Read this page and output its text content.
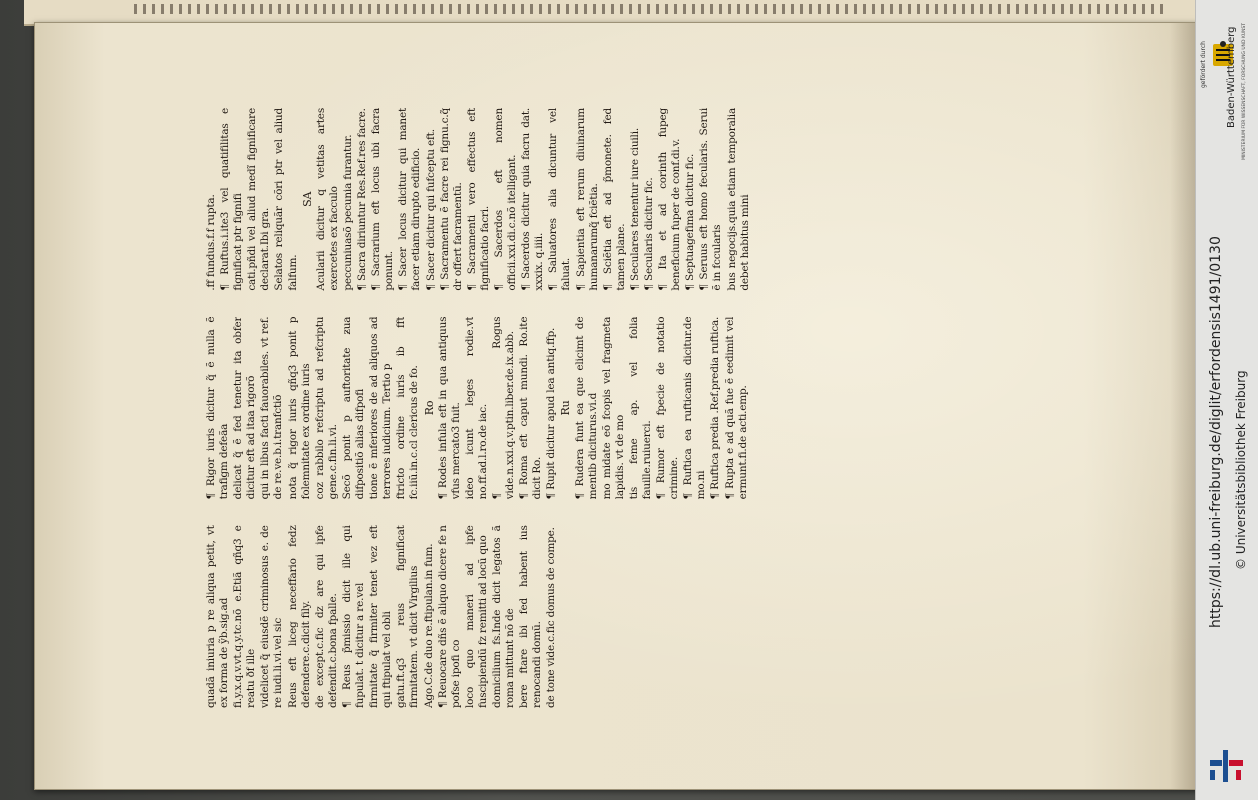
quadã iniuria p re aliqua petit, vt ex forma de ỹb.sig.ad fi.y.x.q.v.vt.q.y.tc.nõ e.Etiã qñq3 e reatu ðf ille videlicet q̃ eiusdẽ criminosus e. de re iudi.li.vi.vel sic Reus eft liceg neceffario fedz defendere.c.dicit fily. de except.c.fic dz are qui ipfe defendit.c.bona fpalle. ¶ Reus p̃missio dicit ille qui fupulat. t dicitur a re.vel firmitate q̃ firmiter tenet vez eft qui ftipulat vel obli gatu.ft.q3 reus fignificat firmitatem. vt dicit Virgilius Ago.C.de duo re.ftipulan.in fum. ¶ Reuocare dñs ẽ aliquo dicere fe n pofse ipofi co loco quo maneri ad ipfe fuscipiendũ fz remitti ad locũ quo domicilium fs.Inde dicit legatos ã roma mittunt nõ de bere ftare ibi fed habent ius renocandi domũ. de tone vide.c.fic domus de compe.

¶ Rigor iuris dicitur q̃ ẽ nulla ẽ trafigm defeãa delicat q̃ ẽ fed tenetur ita obfer dicitur eft ad itaa rigorõ qui in libus facti fauorabiles. vt ref. de re.ve.b.i.tranfctiõ nota q̃ rigor iuris qñq3 ponit p folemnitate ex ordine iuris coz rabbilo refcriptu ad refcriptu gene.c.fin.li.vi. Secõ ponit p auftoritate ƶua difpositiõ alias difpofi tione ẽ mferiores de ad aliquos ad terrores iudicium. Tertio p ftricto ordine iuris ib fft fc.iiũ.in.c.cl clericus de fo. Ro ¶ Rodes infula eft in qua antiquus vfus mercato3 fuit. ideo icunt leges rodie.vt no.ff.ad.l.ro.de iac. ¶ Rogus vide.n.xxi.q.v.ptin.liber.de.ix.abb. ¶ Roma eft caput mundi. Ro.ite dicit Ro. ¶ Rupit dicitur apud lea antiq.ffp. Ru ¶ Rudera funt ea que elicimt de mentib diciturus.vi.d mo midate eõ fcopis vel fragmeta lapidis. vt de mo tis feme ap. vel folia fauille.ruiuerci. ¶ Rumor eft fpecie de notatio crimine. ¶ Ruftica ea rufticanis dicitur.de mo.ni ¶ Ruftica predia .Ref.predia ruftica. ¶ Rupta e ad quã fue ẽ eedimit vel ermunt.fi.de acti.emp.

.ff fundus.f.f rupta. ¶ Ruftus.i.ite3 vel quatifilitas e fignificat ptr fignifi cati.pñdi vel aliud medĩ fignificare declarat.Ibi gra. Selatos reliquãr cõri ptr vel aliud falfum.

SA Acularii dicitur q vetitas artes exercetes ex facculo peccuniuasõ pecunia furantur. ¶ Sacra diriuntur Res.Ref.res facre. ¶ Sacrarium eft locus ubi facra ponunt. ¶ Sacer locus dicitur qui manet facer etiam dirupto edificio. ¶ Sacer dicitur qui fufceptu eft. ¶ Sacramentu ẽ facre rei fignu.c.q̃ dr offert facramentũ. ¶ Sacramenti vero effectus eft fignificatio facri. ¶ Sacerdos eft nomen officii.xxi.di.c.nõ itelligant. ¶ Sacerdos dicitur quia facru dat. xxxix. q.iiii. ¶ Saluatores alia dicuntur vel faluat. ¶ Sapientia eft rerum diuinarum humanarumq̃ fciẽtia. ¶ Sciẽtia eft ad p̃monete. fed tamen plane. ¶ Seculares tenentur iure ciuili. ¶ Secularis dicitur fic. ¶ Ita et ad corinth fupeg beneficium fuper de conf.di.v. ¶ Septuagefima dicitur fic. ¶ Seruus eft homo fecularis. Serui ẽ in fccularis bus negocijs.quia etiam temporalia debet habitus mini

gefördert durch Baden-Württemberg MINISTERIUM FÜR WISSENSCHAFT, FORSCHUNG UND KUNST
© Universitätsbibliothek Freiburg
https://dl.ub.uni-freiburg.de/diglit/erfordensis1491/0130
